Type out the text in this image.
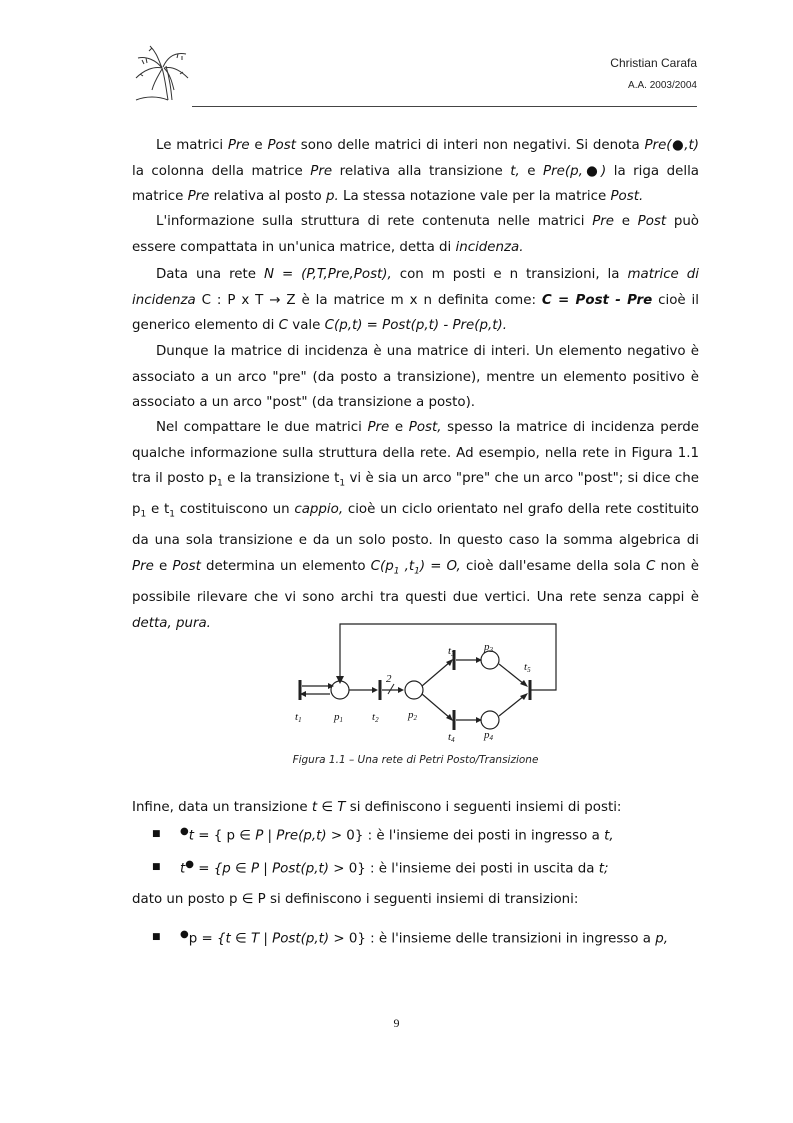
Christian Carafa
A.A. 2003/2004

Le matrici Pre e Post sono delle matrici di interi non negativi. Si denota Pre(●,t) la colonna della matrice Pre relativa alla transizione t, e Pre(p,●) la riga della matrice Pre relativa al posto p. La stessa notazione vale per la matrice Post.

L'informazione sulla struttura di rete contenuta nelle matrici Pre e Post può essere compattata in un'unica matrice, detta di incidenza.

Data una rete N = (P,T,Pre,Post), con m posti e n transizioni, la matrice di incidenza C : P x T → Z è la matrice m x n definita come: C = Post - Pre cioè il generico elemento di C vale C(p,t) = Post(p,t) - Pre(p,t).

Dunque la matrice di incidenza è una matrice di interi. Un elemento negativo è associato a un arco "pre" (da posto a transizione), mentre un elemento positivo è associato a un arco "post" (da transizione a posto).

Nel compattare le due matrici Pre e Post, spesso la matrice di incidenza perde qualche informazione sulla struttura della rete. Ad esempio, nella rete in Figura 1.1 tra il posto $p_1$ e la transizione $t_1$ vi è sia un arco "pre" che un arco "post"; si dice che $p_1$ e $t_1$ costituiscono un cappio, cioè un ciclo orientato nel grafo della rete costituito da una sola transizione e da un solo posto. In questo caso la somma algebrica di Pre e Post determina un elemento $C(p_1$ $,t_1) = O$, cioè dall'esame della sola C non è possibile rilevare che vi sono archi tra questi due vertici. Una rete senza cappi è detta, pura.

t1	p1	t2	p2
t3
p3
t4	p4
t5
2
Figura 1.1 – Una rete di Petri Posto/Transizione

Infine, data un transizione t ∈ T si definiscono i seguenti insiemi di posti:

■ ●t = { p ∈ P | Pre(p,t) > 0} : è l'insieme dei posti in ingresso a t,
■ t● = {p ∈ P | Post(p,t) > 0} : è l'insieme dei posti in uscita da t;

dato un posto p ∈ P si definiscono i seguenti insiemi di transizioni:

■ ●p = {t ∈ T | Post(p,t) > 0} : è l'insieme delle transizioni in ingresso a p,
9
